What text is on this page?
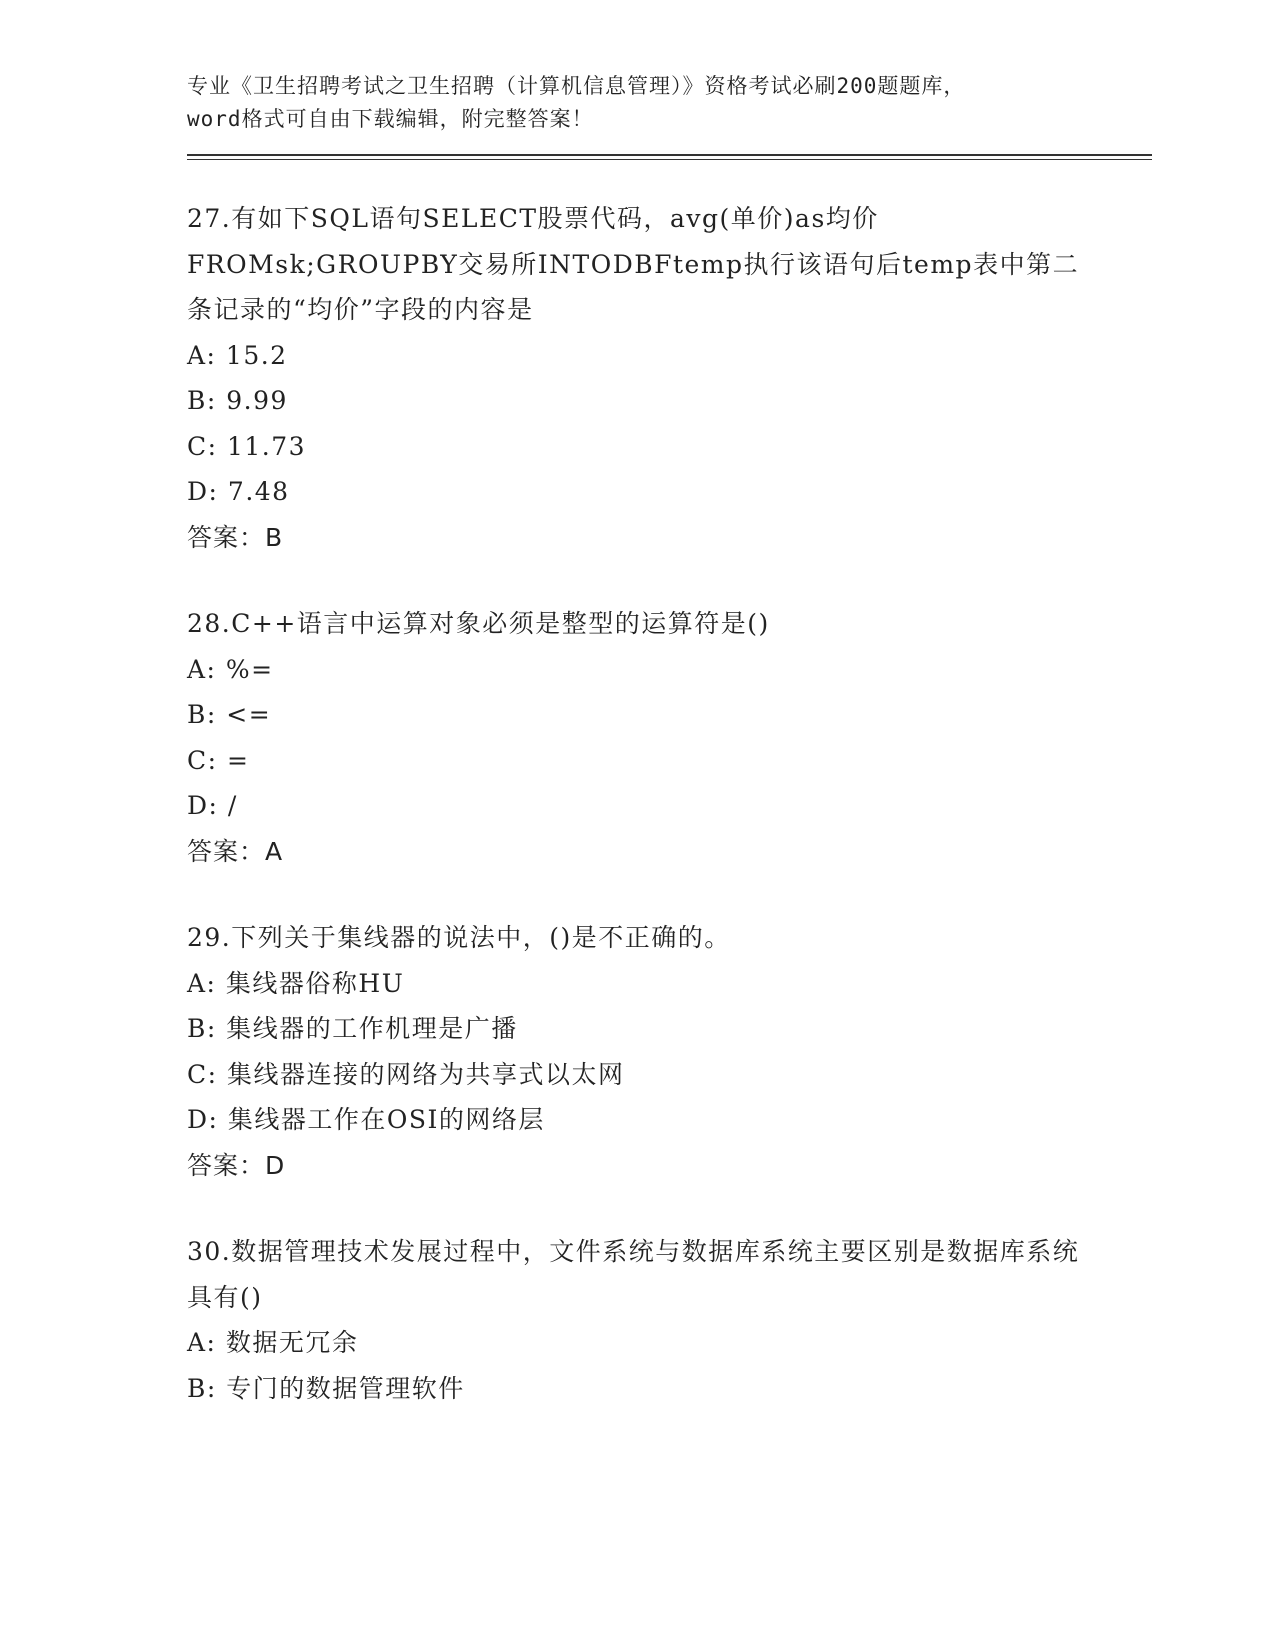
专业《卫生招聘考试之卫生招聘（计算机信息管理）》资格考试必刷200题题库，
word格式可自由下载编辑，附完整答案！

27.有如下SQL语句SELECT股票代码，avg(单价)as均价FROMsk;GROUPBY交易所INTODBFtemp执行该语句后temp表中第二条记录的“均价”字段的内容是

A: 15.2

B: 9.99

C: 11.73

D: 7.48

答案：B

28.C++语言中运算对象必须是整型的运算符是()

A: %=

B: <=

C: =

D: /

答案：A

29.下列关于集线器的说法中，()是不正确的。

A: 集线器俗称HU

B: 集线器的工作机理是广播

C: 集线器连接的网络为共享式以太网

D: 集线器工作在OSI的网络层

答案：D

30.数据管理技术发展过程中，文件系统与数据库系统主要区别是数据库系统具有()

A: 数据无冗余

B: 专门的数据管理软件
